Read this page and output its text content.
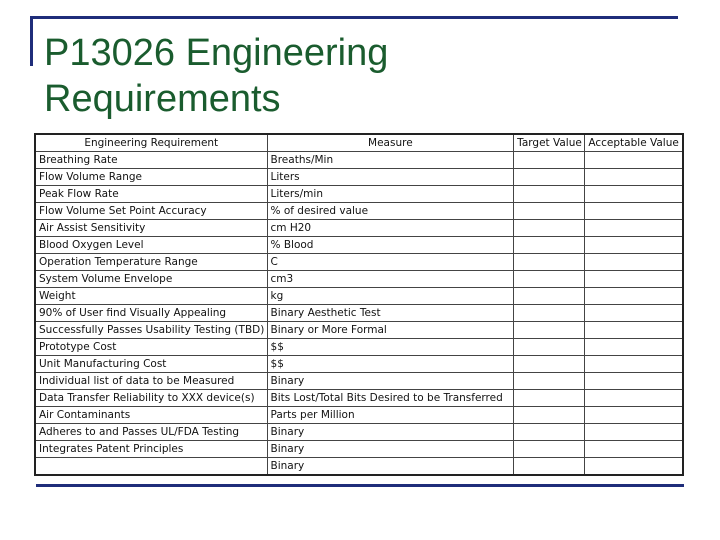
P13026 Engineering
Requirements
Engineering Requirement	Measure	Target Value	Acceptable Value
Breathing Rate	Breaths/Min		
Flow Volume Range	Liters		
Peak Flow Rate	Liters/min		
Flow Volume Set Point Accuracy	% of desired value		
Air Assist Sensitivity	cm H20		
Blood Oxygen Level	% Blood		
Operation Temperature Range	C		
System Volume Envelope	cm3		
Weight	kg		
90% of User find Visually Appealing	Binary Aesthetic Test		
Successfully Passes Usability Testing (TBD)	Binary or More Formal		
Prototype Cost	$$		
Unit Manufacturing Cost	$$		
Individual list of data to be Measured	Binary		
Data Transfer Reliability to XXX device(s)	Bits Lost/Total Bits Desired to be Transferred		
Air Contaminants	Parts per Million		
Adheres to and Passes UL/FDA Testing	Binary		
Integrates Patent Principles	Binary		
	Binary		
